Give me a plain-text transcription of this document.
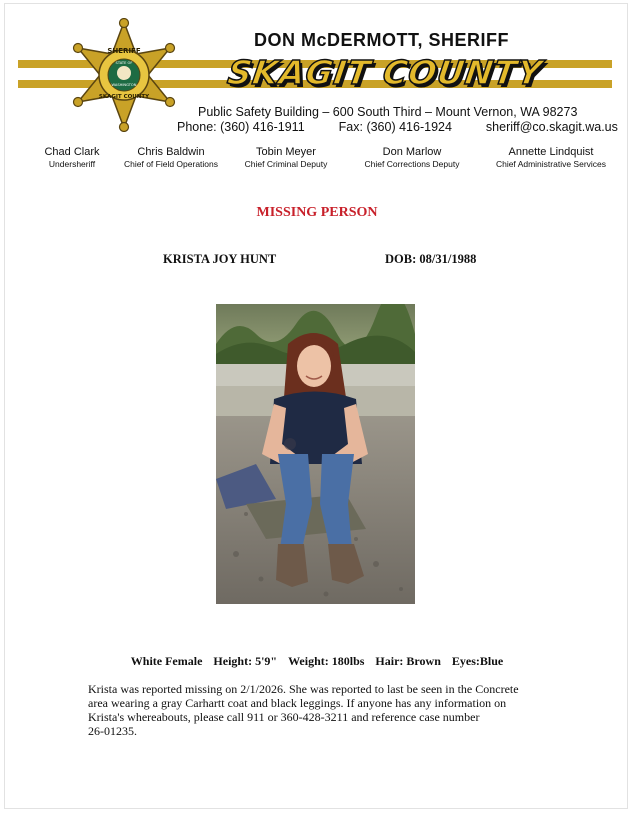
SHERIFF
STATE OF
WASHINGTON
SKAGIT COUNTY
DON McDERMOTT, SHERIFF
SKAGIT COUNTY
Public Safety Building – 600 South Third – Mount Vernon, WA 98273
Phone: (360) 416-1911	Fax: (360) 416-1924	sheriff@co.skagit.wa.us
Chad Clark
Undersheriff
Chris Baldwin
Chief of Field Operations
Tobin Meyer
Chief Criminal Deputy
Don Marlow
Chief Corrections Deputy
Annette Lindquist
Chief Administrative Services
MISSING PERSON
KRISTA JOY HUNT	DOB: 08/31/1988
White Female Height: 5'9" Weight: 180lbs Hair: Brown Eyes:Blue
Krista was reported missing on 2/1/2026. She was reported to last be seen in the Concrete
area wearing a gray Carhartt coat and black leggings. If anyone has any information on
Krista's whereabouts, please call 911 or 360-428-3211 and reference case number
26-01235.
